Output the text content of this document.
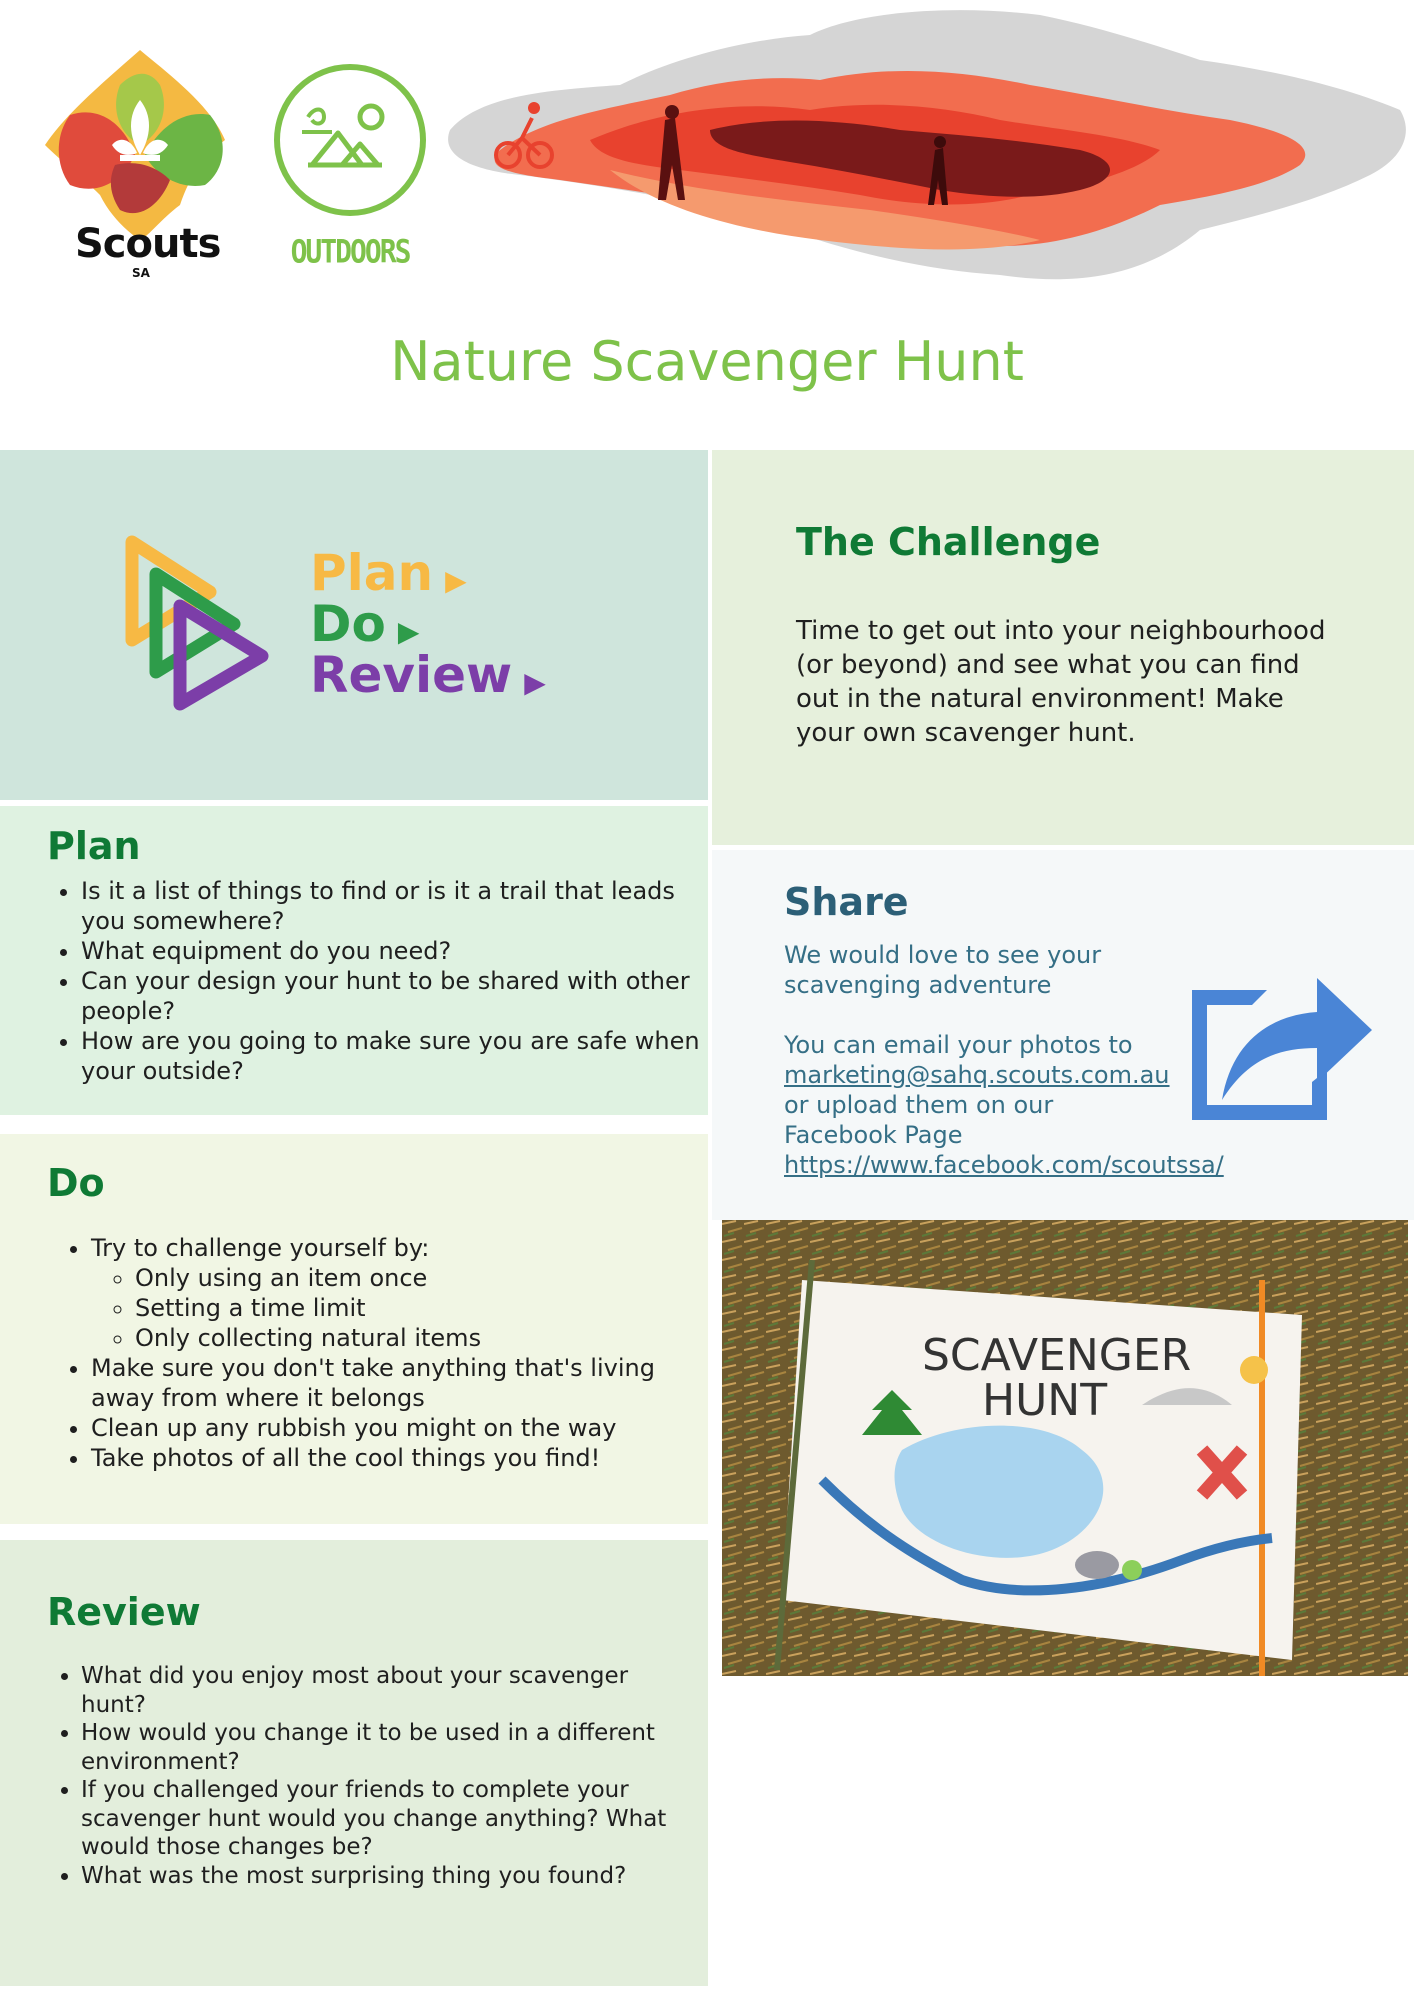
Scouts
SA
OUTDOORS
Nature Scavenger Hunt
Plan ▶
Do ▶
Review ▶
The Challenge
Time to get out into your neighbourhood (or beyond) and see what you can find out in the natural environment! Make your own scavenger hunt.
Plan
• Is it a list of things to find or is it a trail that leads you somewhere?
• What equipment do you need?
• Can your design your hunt to be shared with other people?
• How are you going to make sure you are safe when your outside?
Share
We would love to see your scavenging adventure
You can email your photos to
marketing@sahq.scouts.com.au
or upload them on our Facebook Page
https://www.facebook.com/scoutssa/
Do
• Try to challenge yourself by:
◦ Only using an item once
◦ Setting a time limit
◦ Only collecting natural items
• Make sure you don't take anything that's living away from where it belongs
• Clean up any rubbish you might on the way
• Take photos of all the cool things you find!
SCAVENGER
HUNT
Review
• What did you enjoy most about your scavenger hunt?
• How would you change it to be used in a different environment?
• If you challenged your friends to complete your scavenger hunt would you change anything? What would those changes be?
• What was the most surprising thing you found?
